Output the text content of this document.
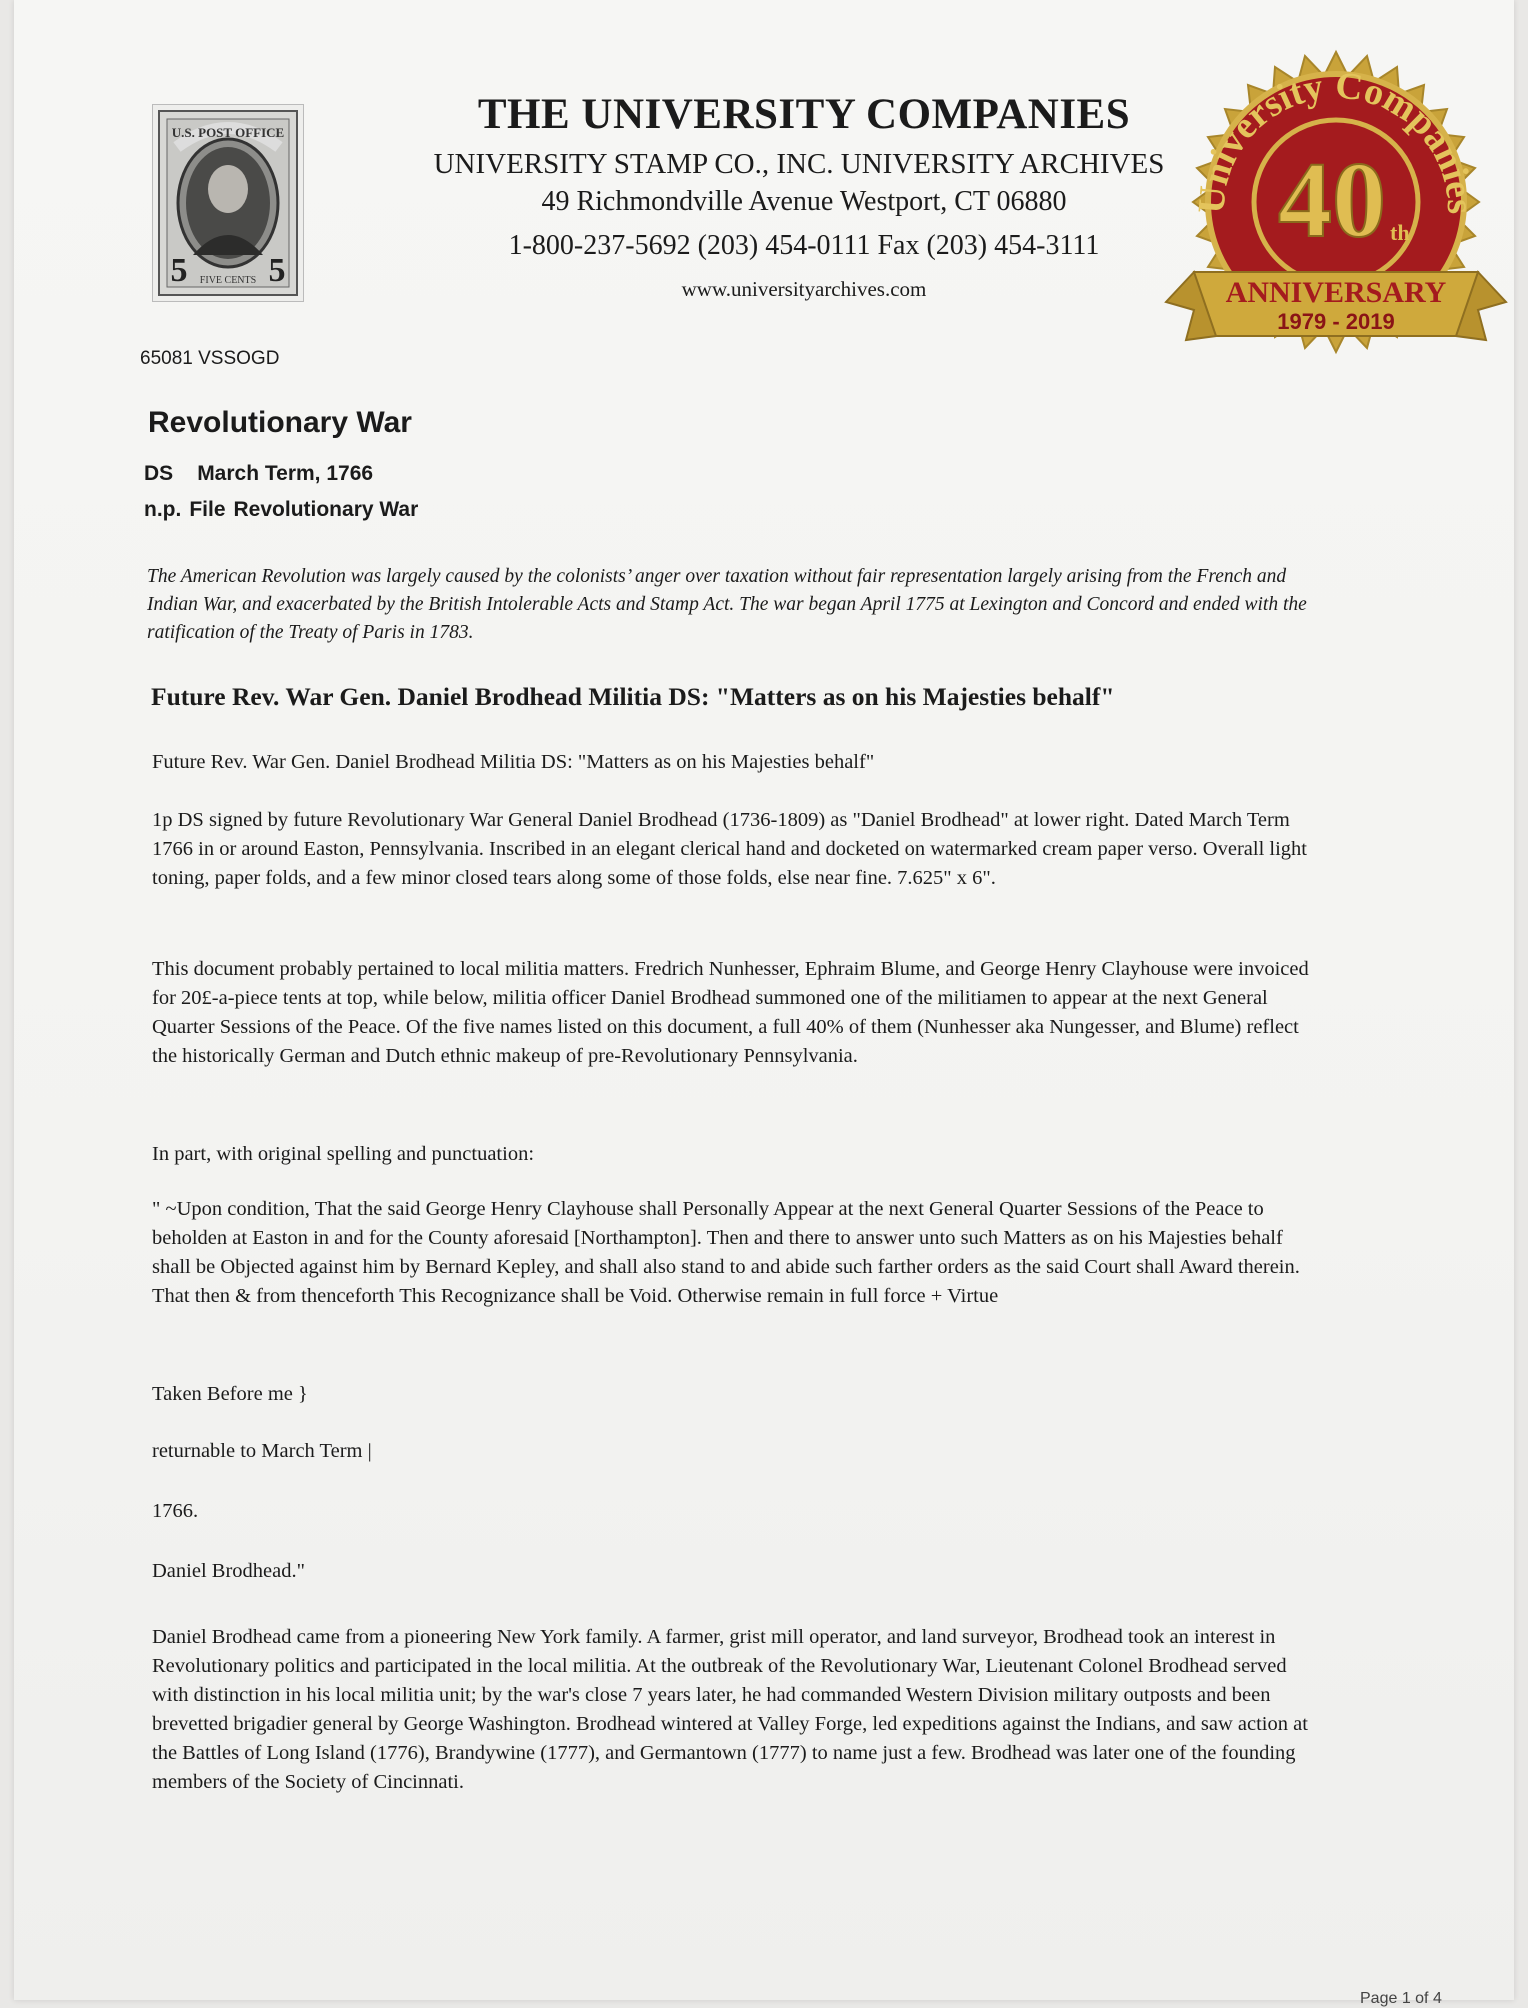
U.S. POST OFFICE
5 5
FIVE CENTS
THE UNIVERSITY COMPANIES
UNIVERSITY STAMP CO., INC. UNIVERSITY ARCHIVES
49 Richmondville Avenue Westport, CT 06880
1-800-237-5692 (203) 454-0111 Fax (203) 454-3111
www.universityarchives.com
University Companies
40 th
ANNIVERSARY
1979 - 2019
65081 VSSOGD
Revolutionary War
DS March Term, 1766
n.p. File Revolutionary War
The American Revolution was largely caused by the colonists’ anger over taxation without fair representation largely arising from the French and Indian War, and exacerbated by the British Intolerable Acts and Stamp Act. The war began April 1775 at Lexington and Concord and ended with the ratification of the Treaty of Paris in 1783.
Future Rev. War Gen. Daniel Brodhead Militia DS: "Matters as on his Majesties behalf"
Future Rev. War Gen. Daniel Brodhead Militia DS: "Matters as on his Majesties behalf"
1p DS signed by future Revolutionary War General Daniel Brodhead (1736-1809) as "Daniel Brodhead" at lower right. Dated March Term 1766 in or around Easton, Pennsylvania. Inscribed in an elegant clerical hand and docketed on watermarked cream paper verso. Overall light toning, paper folds, and a few minor closed tears along some of those folds, else near fine. 7.625" x 6".
This document probably pertained to local militia matters. Fredrich Nunhesser, Ephraim Blume, and George Henry Clayhouse were invoiced for 20£-a-piece tents at top, while below, militia officer Daniel Brodhead summoned one of the militiamen to appear at the next General Quarter Sessions of the Peace. Of the five names listed on this document, a full 40% of them (Nunhesser aka Nungesser, and Blume) reflect the historically German and Dutch ethnic makeup of pre-Revolutionary Pennsylvania.
In part, with original spelling and punctuation:
" ~Upon condition, That the said George Henry Clayhouse shall Personally Appear at the next General Quarter Sessions of the Peace to beholden at Easton in and for the County aforesaid [Northampton]. Then and there to answer unto such Matters as on his Majesties behalf shall be Objected against him by Bernard Kepley, and shall also stand to and abide such farther orders as the said Court shall Award therein. That then & from thenceforth This Recognizance shall be Void. Otherwise remain in full force + Virtue
Taken Before me }
returnable to March Term |
1766.
Daniel Brodhead."
Daniel Brodhead came from a pioneering New York family. A farmer, grist mill operator, and land surveyor, Brodhead took an interest in Revolutionary politics and participated in the local militia. At the outbreak of the Revolutionary War, Lieutenant Colonel Brodhead served with distinction in his local militia unit; by the war's close 7 years later, he had commanded Western Division military outposts and been brevetted brigadier general by George Washington. Brodhead wintered at Valley Forge, led expeditions against the Indians, and saw action at the Battles of Long Island (1776), Brandywine (1777), and Germantown (1777) to name just a few. Brodhead was later one of the founding members of the Society of Cincinnati.
Page 1 of 4
